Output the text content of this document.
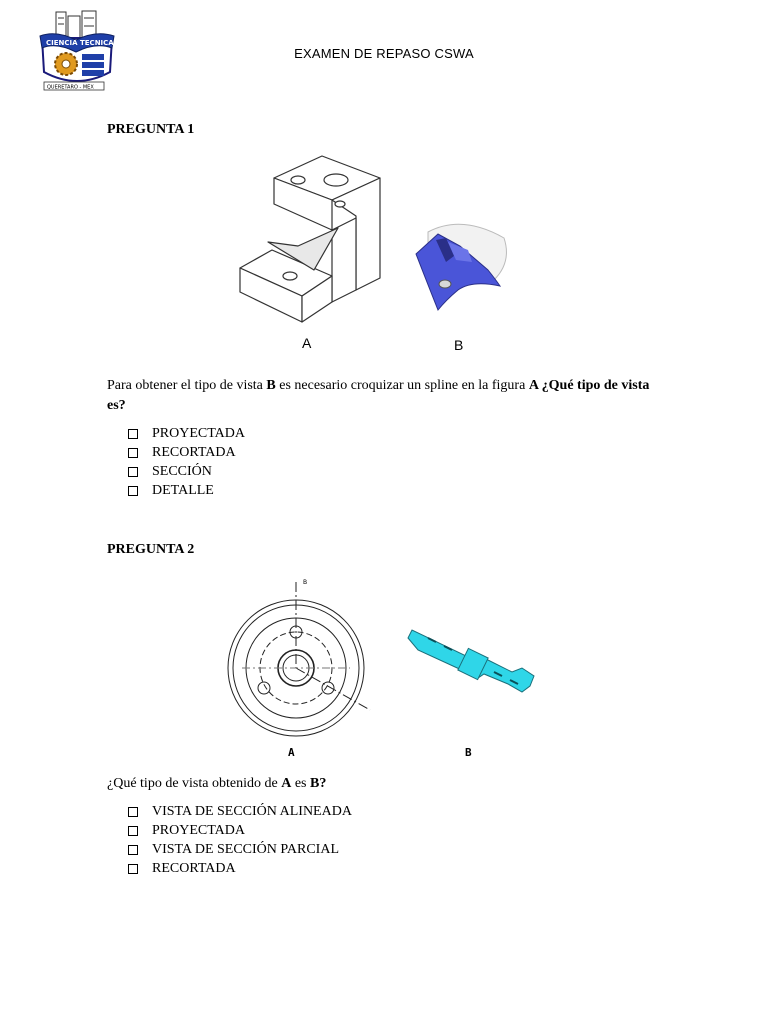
CIENCIA TECNICA
QUERETARO - MEX
EXAMEN DE REPASO CSWA
PREGUNTA 1
A	B
Para obtener el tipo de vista B es necesario croquizar un spline en la figura A ¿Qué tipo de vista es?
PROYECTADA
RECORTADA
SECCIÓN
DETALLE
PREGUNTA 2
B
A	B
¿Qué tipo de vista obtenido de A es B?
VISTA DE SECCIÓN ALINEADA
PROYECTADA
VISTA DE SECCIÓN PARCIAL
RECORTADA
